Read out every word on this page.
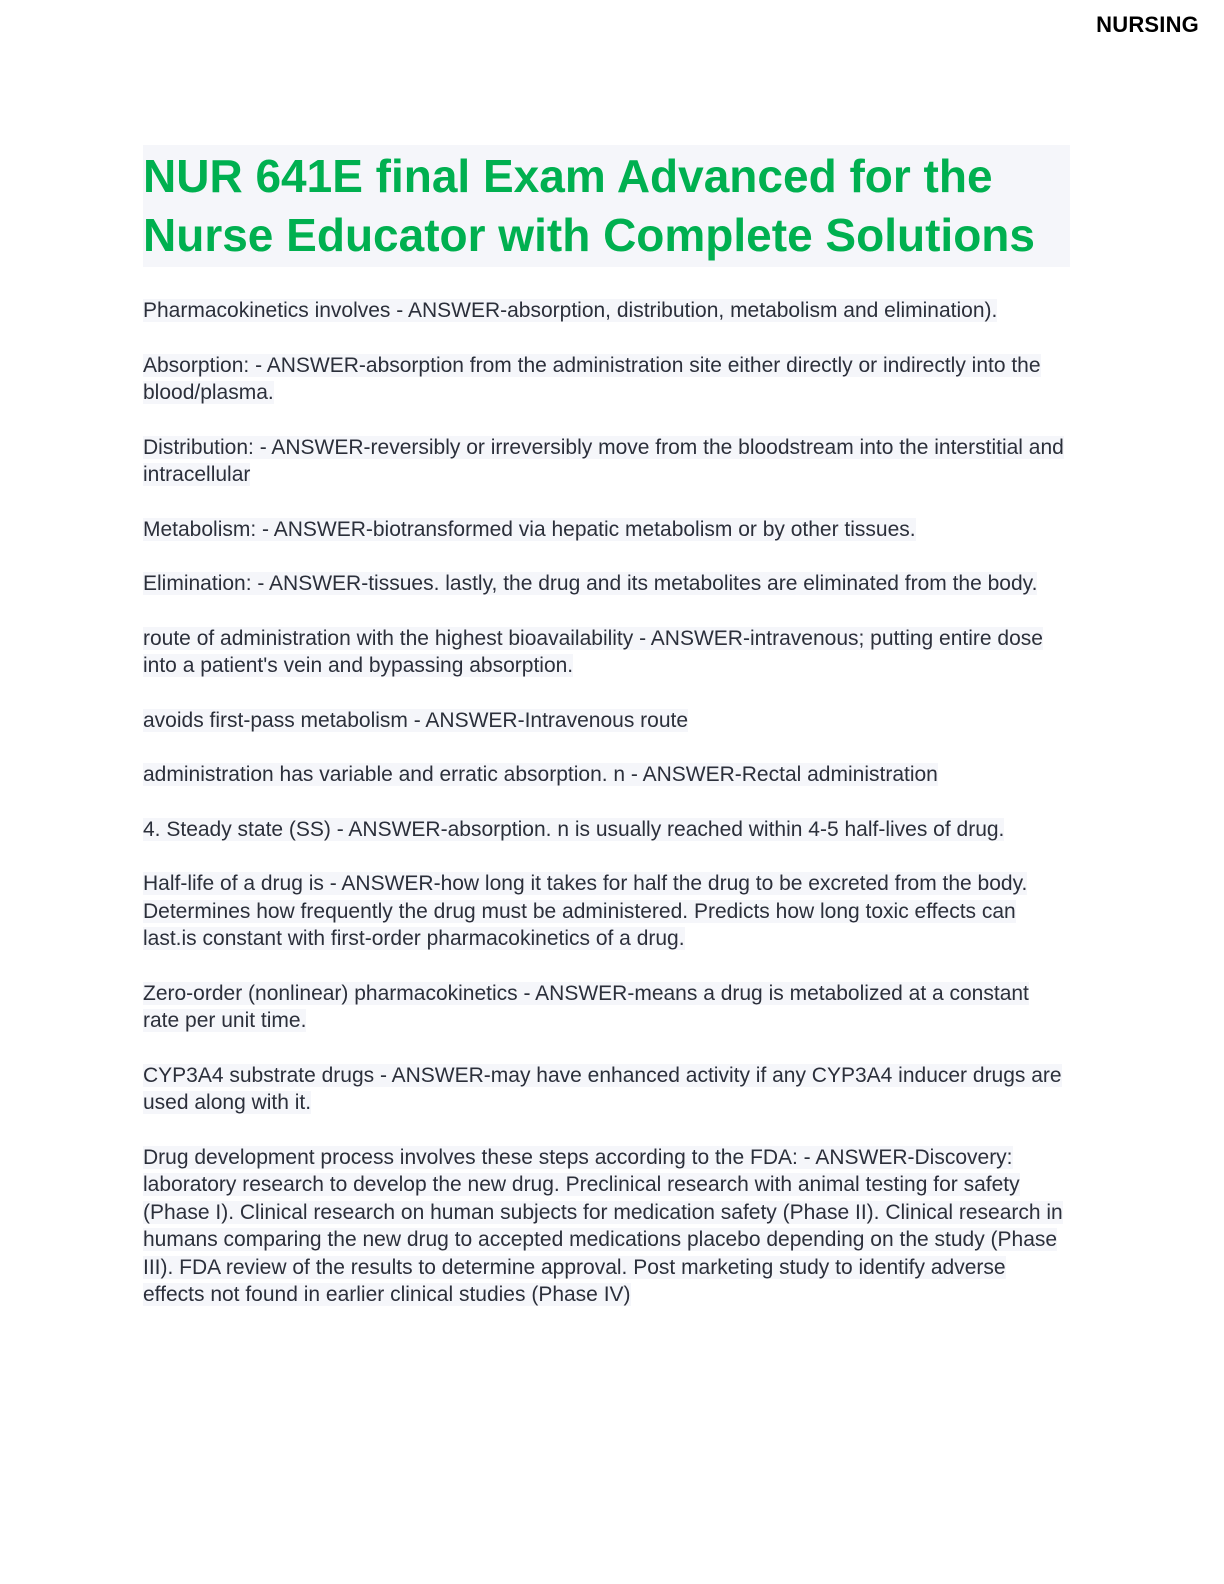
NURSING
NUR 641E final Exam Advanced for the Nurse Educator with Complete Solutions

Pharmacokinetics involves - ANSWER-absorption, distribution, metabolism and elimination).

Absorption: - ANSWER-absorption from the administration site either directly or indirectly into the blood/plasma.

Distribution: - ANSWER-reversibly or irreversibly move from the bloodstream into the interstitial and intracellular

Metabolism: - ANSWER-biotransformed via hepatic metabolism or by other tissues.

Elimination: - ANSWER-tissues. lastly, the drug and its metabolites are eliminated from the body.

route of administration with the highest bioavailability - ANSWER-intravenous; putting entire dose into a patient's vein and bypassing absorption.

avoids first-pass metabolism - ANSWER-Intravenous route

administration has variable and erratic absorption. n - ANSWER-Rectal administration

4. Steady state (SS) - ANSWER-absorption. n is usually reached within 4-5 half-lives of drug.

Half-life of a drug is - ANSWER-how long it takes for half the drug to be excreted from the body. Determines how frequently the drug must be administered. Predicts how long toxic effects can last.is constant with first-order pharmacokinetics of a drug.

Zero-order (nonlinear) pharmacokinetics - ANSWER-means a drug is metabolized at a constant rate per unit time.

CYP3A4 substrate drugs - ANSWER-may have enhanced activity if any CYP3A4 inducer drugs are used along with it.

Drug development process involves these steps according to the FDA: - ANSWER-Discovery: laboratory research to develop the new drug. Preclinical research with animal testing for safety (Phase I). Clinical research on human subjects for medication safety (Phase II). Clinical research in humans comparing the new drug to accepted medications placebo depending on the study (Phase III). FDA review of the results to determine approval. Post marketing study to identify adverse effects not found in earlier clinical studies (Phase IV)
